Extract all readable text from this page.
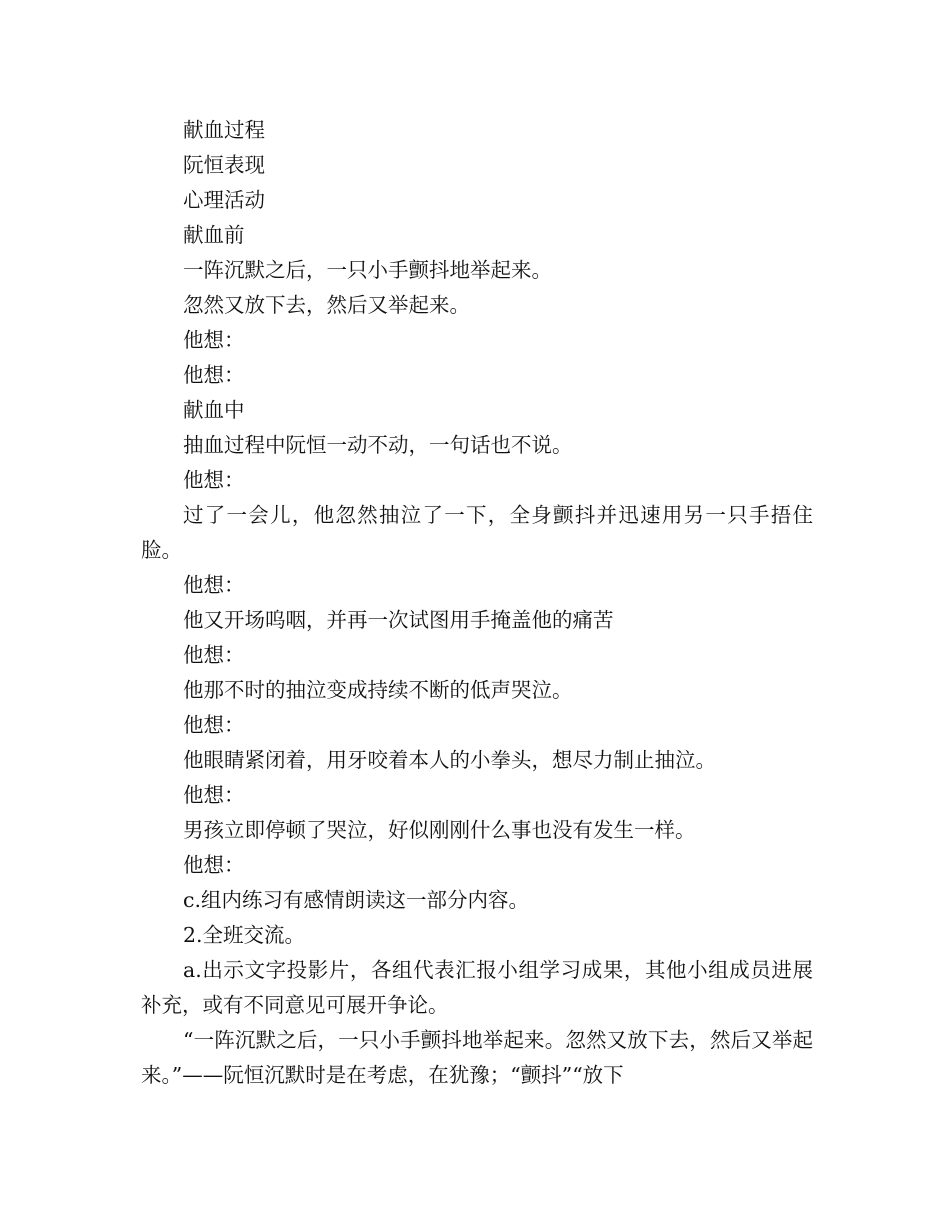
献血过程

阮恒表现

心理活动

献血前

一阵沉默之后，一只小手颤抖地举起来。

忽然又放下去，然后又举起来。

他想：

他想：

献血中

抽血过程中阮恒一动不动，一句话也不说。

他想：

过了一会儿，他忽然抽泣了一下，全身颤抖并迅速用另一只手捂住脸。

他想：

他又开场呜咽，并再一次试图用手掩盖他的痛苦

他想：

他那不时的抽泣变成持续不断的低声哭泣。

他想：

他眼睛紧闭着，用牙咬着本人的小拳头，想尽力制止抽泣。

他想：

男孩立即停顿了哭泣，好似刚刚什么事也没有发生一样。

他想：

c.组内练习有感情朗读这一部分内容。

2.全班交流。

a.出示文字投影片，各组代表汇报小组学习成果，其他小组成员进展补充，或有不同意见可展开争论。

“一阵沉默之后，一只小手颤抖地举起来。忽然又放下去，然后又举起来。”——阮恒沉默时是在考虑，在犹豫；“颤抖”“放下
